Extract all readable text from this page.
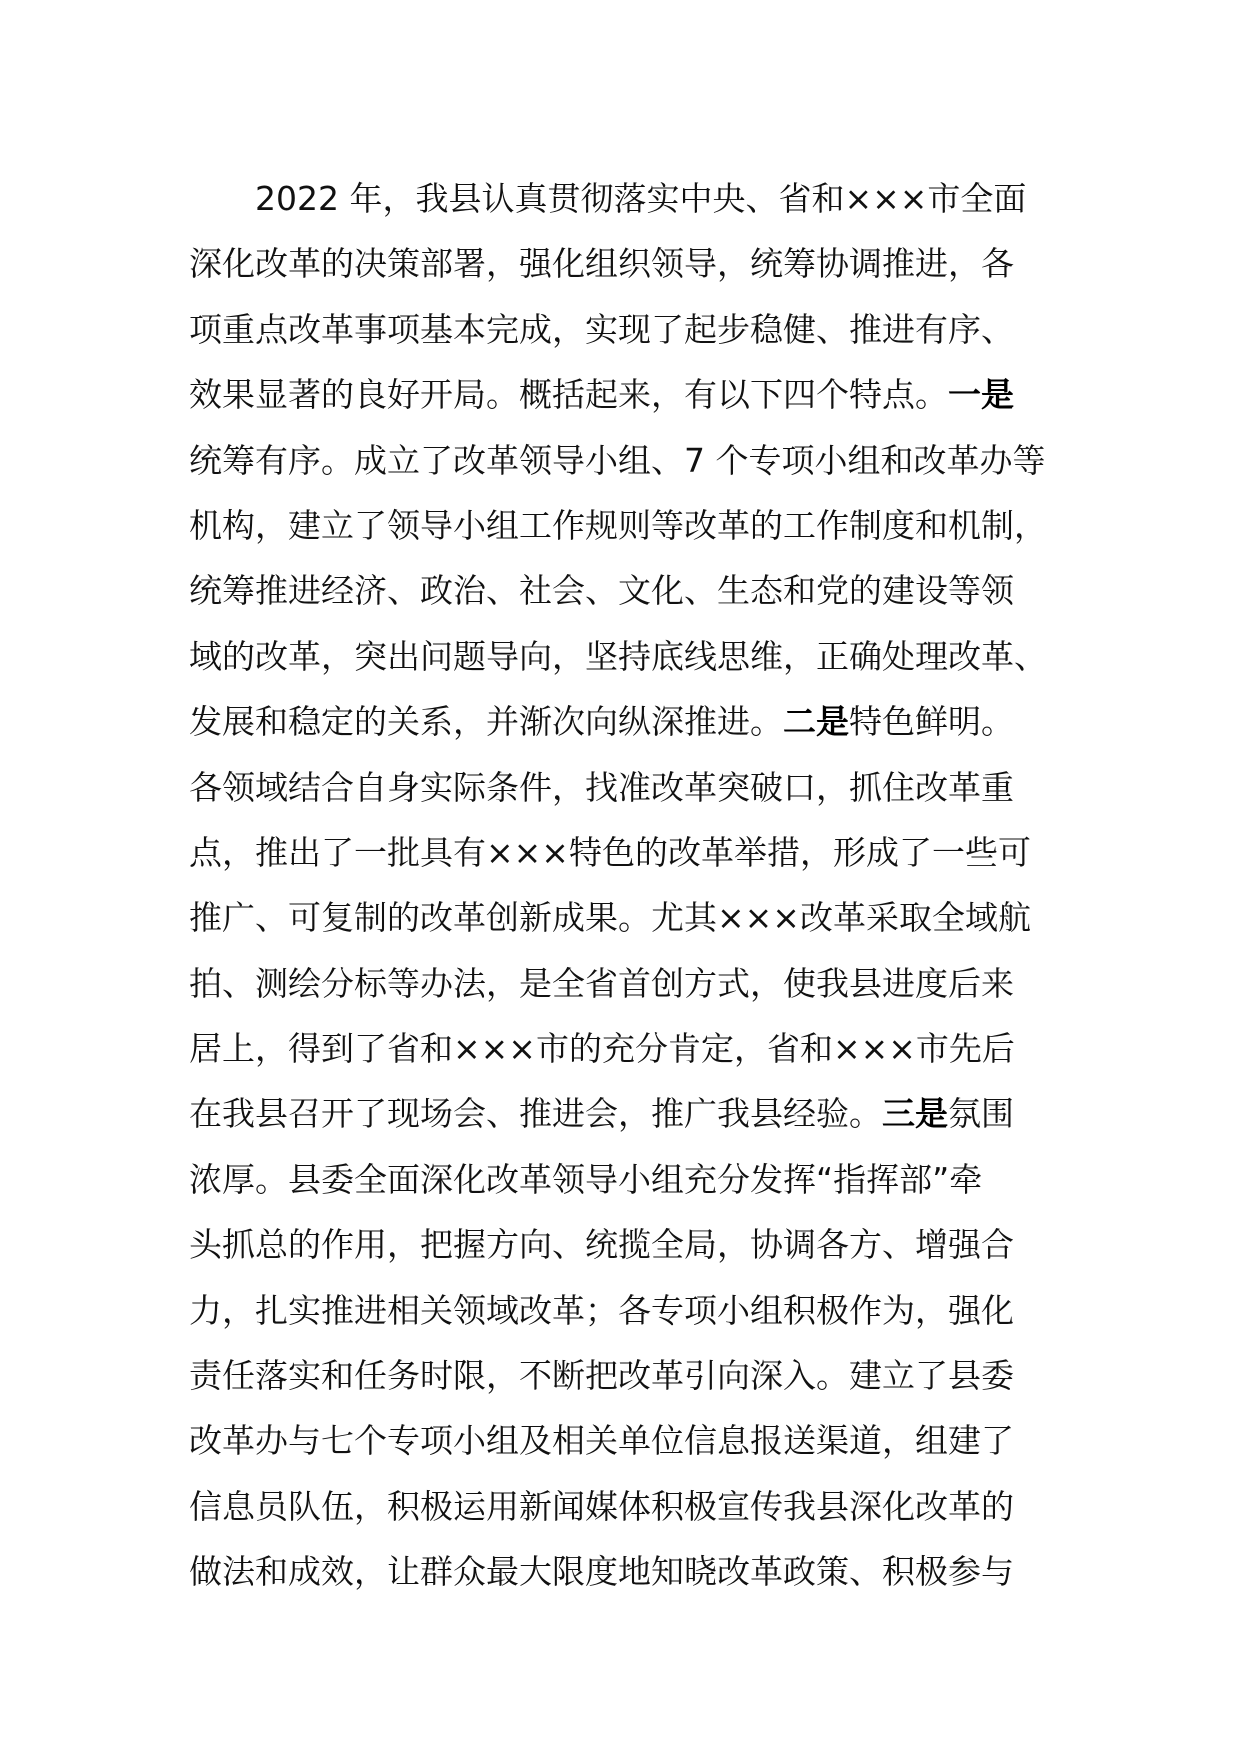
2022 年，我县认真贯彻落实中央、省和×××市全面
深化改革的决策部署，强化组织领导，统筹协调推进，各
项重点改革事项基本完成，实现了起步稳健、推进有序、
效果显著的良好开局。概括起来，有以下四个特点。一是
统筹有序。成立了改革领导小组、7 个专项小组和改革办等
机构，建立了领导小组工作规则等改革的工作制度和机制，
统筹推进经济、政治、社会、文化、生态和党的建设等领
域的改革，突出问题导向，坚持底线思维，正确处理改革、
发展和稳定的关系，并渐次向纵深推进。二是特色鲜明。
各领域结合自身实际条件，找准改革突破口，抓住改革重
点，推出了一批具有×××特色的改革举措，形成了一些可
推广、可复制的改革创新成果。尤其×××改革采取全域航
拍、测绘分标等办法，是全省首创方式，使我县进度后来
居上，得到了省和×××市的充分肯定，省和×××市先后
在我县召开了现场会、推进会，推广我县经验。三是氛围
浓厚。县委全面深化改革领导小组充分发挥“指挥部”牵
头抓总的作用，把握方向、统揽全局，协调各方、增强合
力，扎实推进相关领域改革；各专项小组积极作为，强化
责任落实和任务时限，不断把改革引向深入。建立了县委
改革办与七个专项小组及相关单位信息报送渠道，组建了
信息员队伍，积极运用新闻媒体积极宣传我县深化改革的
做法和成效，让群众最大限度地知晓改革政策、积极参与
